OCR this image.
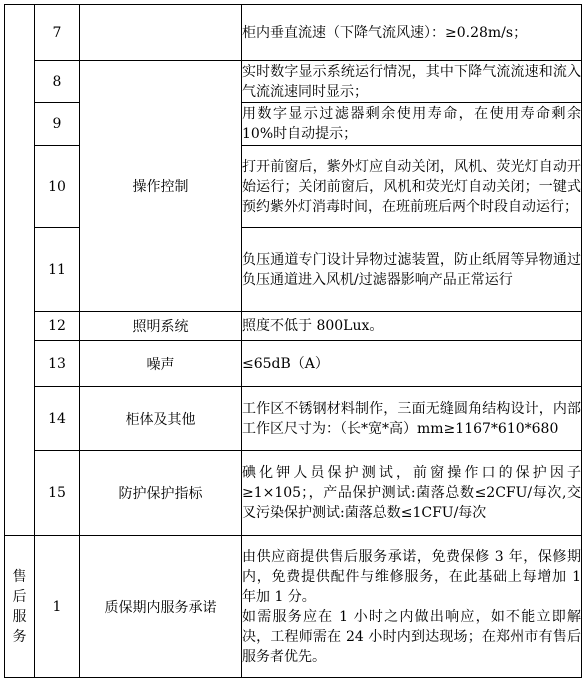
	7		柜内垂直流速（下降气流风速）：≥0.28m/s；

	8	操作控制	实时数字显示系统运行情况，其中下降气流流速和流入气流流速同时显示；

	9		用数字显示过滤器剩余使用寿命，在使用寿命剩余 10%时自动提示；

	10		打开前窗后，紫外灯应自动关闭，风机、荧光灯自动开始运行；关闭前窗后，风机和荧光灯自动关闭；一键式预约紫外灯消毒时间，在班前班后两个时段自动运行；

	11		负压通道专门设计异物过滤装置，防止纸屑等异物通过负压通道进入风机/过滤器影响产品正常运行

	12	照明系统	照度不低于 800Lux。

	13	噪声	≤65dB（A）

	14	柜体及其他	工作区不锈钢材料制作，三面无缝圆角结构设计，内部工作区尺寸为：（长*宽*高）mm≥1167*610*680

	15	防护保护指标	碘化钾人员保护测试，前窗操作口的保护因子≥1×105；，产品保护测试:菌落总数≤2CFU/每次,交叉污染保护测试:菌落总数≤1CFU/每次

售后服务	1	质保期内服务承诺	由供应商提供售后服务承诺，免费保修 3 年，保修期内，免费提供配件与维修服务，在此基础上每增加 1 年加 1 分。
如需服务应在 1 小时之内做出响应，如不能立即解决，工程师需在 24 小时内到达现场；在郑州市有售后服务者优先。
